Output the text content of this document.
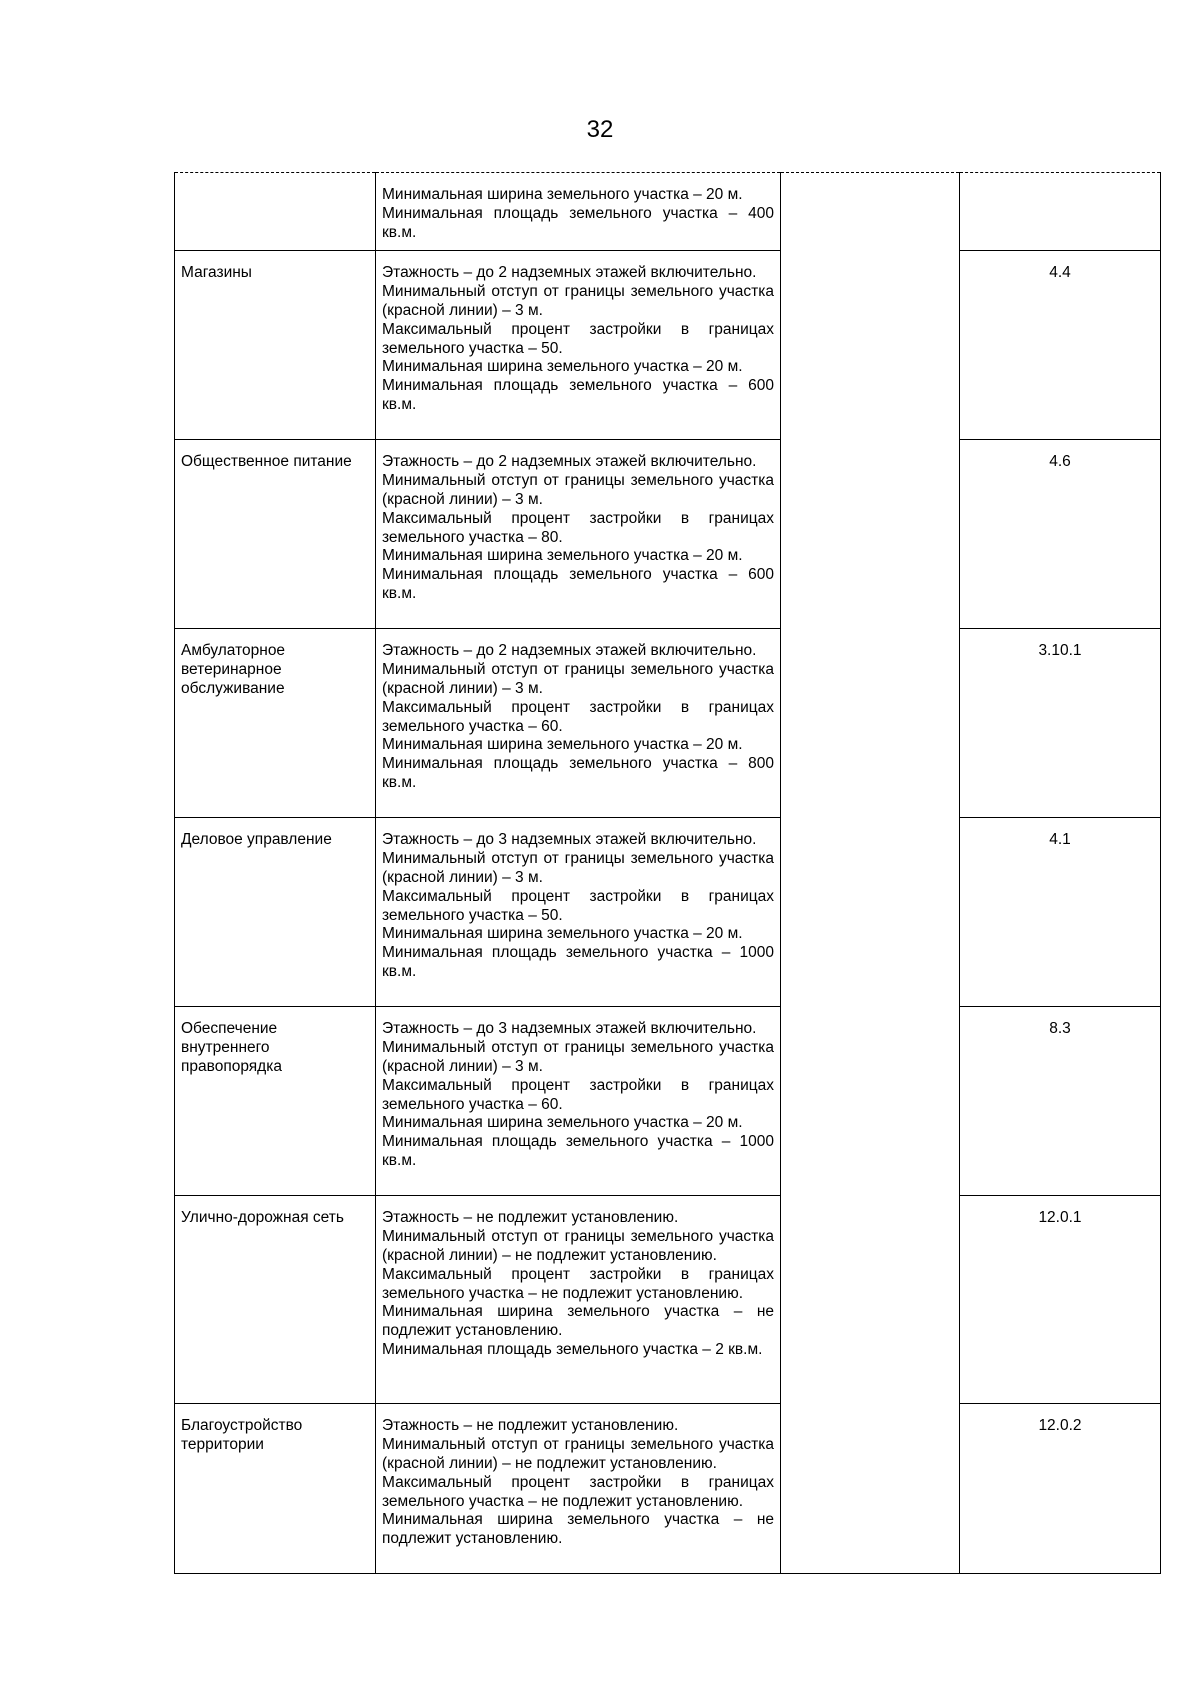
32

	Минимальная ширина земельного участка – 20 м.
Минимальная площадь земельного участка – 400 кв.м.		

Магазины	Этажность – до 2 надземных этажей включительно.
Минимальный отступ от границы земельного участка (красной линии) – 3 м.
Максимальный процент застройки в границах земельного участка – 50.
Минимальная ширина земельного участка – 20 м.
Минимальная площадь земельного участка – 600 кв.м.		4.4
Общественное питание	Этажность – до 2 надземных этажей включительно.
Минимальный отступ от границы земельного участка (красной линии) – 3 м.
Максимальный процент застройки в границах земельного участка – 80.
Минимальная ширина земельного участка – 20 м.
Минимальная площадь земельного участка – 600 кв.м.		4.6
Амбулаторное ветеринарное обслуживание	Этажность – до 2 надземных этажей включительно.
Минимальный отступ от границы земельного участка (красной линии) – 3 м.
Максимальный процент застройки в границах земельного участка – 60.
Минимальная ширина земельного участка – 20 м.
Минимальная площадь земельного участка – 800 кв.м.		3.10.1
Деловое управление	Этажность – до 3 надземных этажей включительно.
Минимальный отступ от границы земельного участка (красной линии) – 3 м.
Максимальный процент застройки в границах земельного участка – 50.
Минимальная ширина земельного участка – 20 м.
Минимальная площадь земельного участка – 1000 кв.м.		4.1
Обеспечение внутреннего правопорядка	Этажность – до 3 надземных этажей включительно.
Минимальный отступ от границы земельного участка (красной линии) – 3 м.
Максимальный процент застройки в границах земельного участка – 60.
Минимальная ширина земельного участка – 20 м.
Минимальная площадь земельного участка – 1000 кв.м.		8.3
Улично-дорожная сеть	Этажность – не подлежит установлению.
Минимальный отступ от границы земельного участка (красной линии) – не подлежит установлению.
Максимальный процент застройки в границах земельного участка – не подлежит установлению.
Минимальная ширина земельного участка – не подлежит установлению.
Минимальная площадь земельного участка – 2 кв.м.		12.0.1
Благоустройство территории	Этажность – не подлежит установлению.
Минимальный отступ от границы земельного участка (красной линии) – не подлежит установлению.
Максимальный процент застройки в границах земельного участка – не подлежит установлению.
Минимальная ширина земельного участка – не подлежит установлению.		12.0.2
